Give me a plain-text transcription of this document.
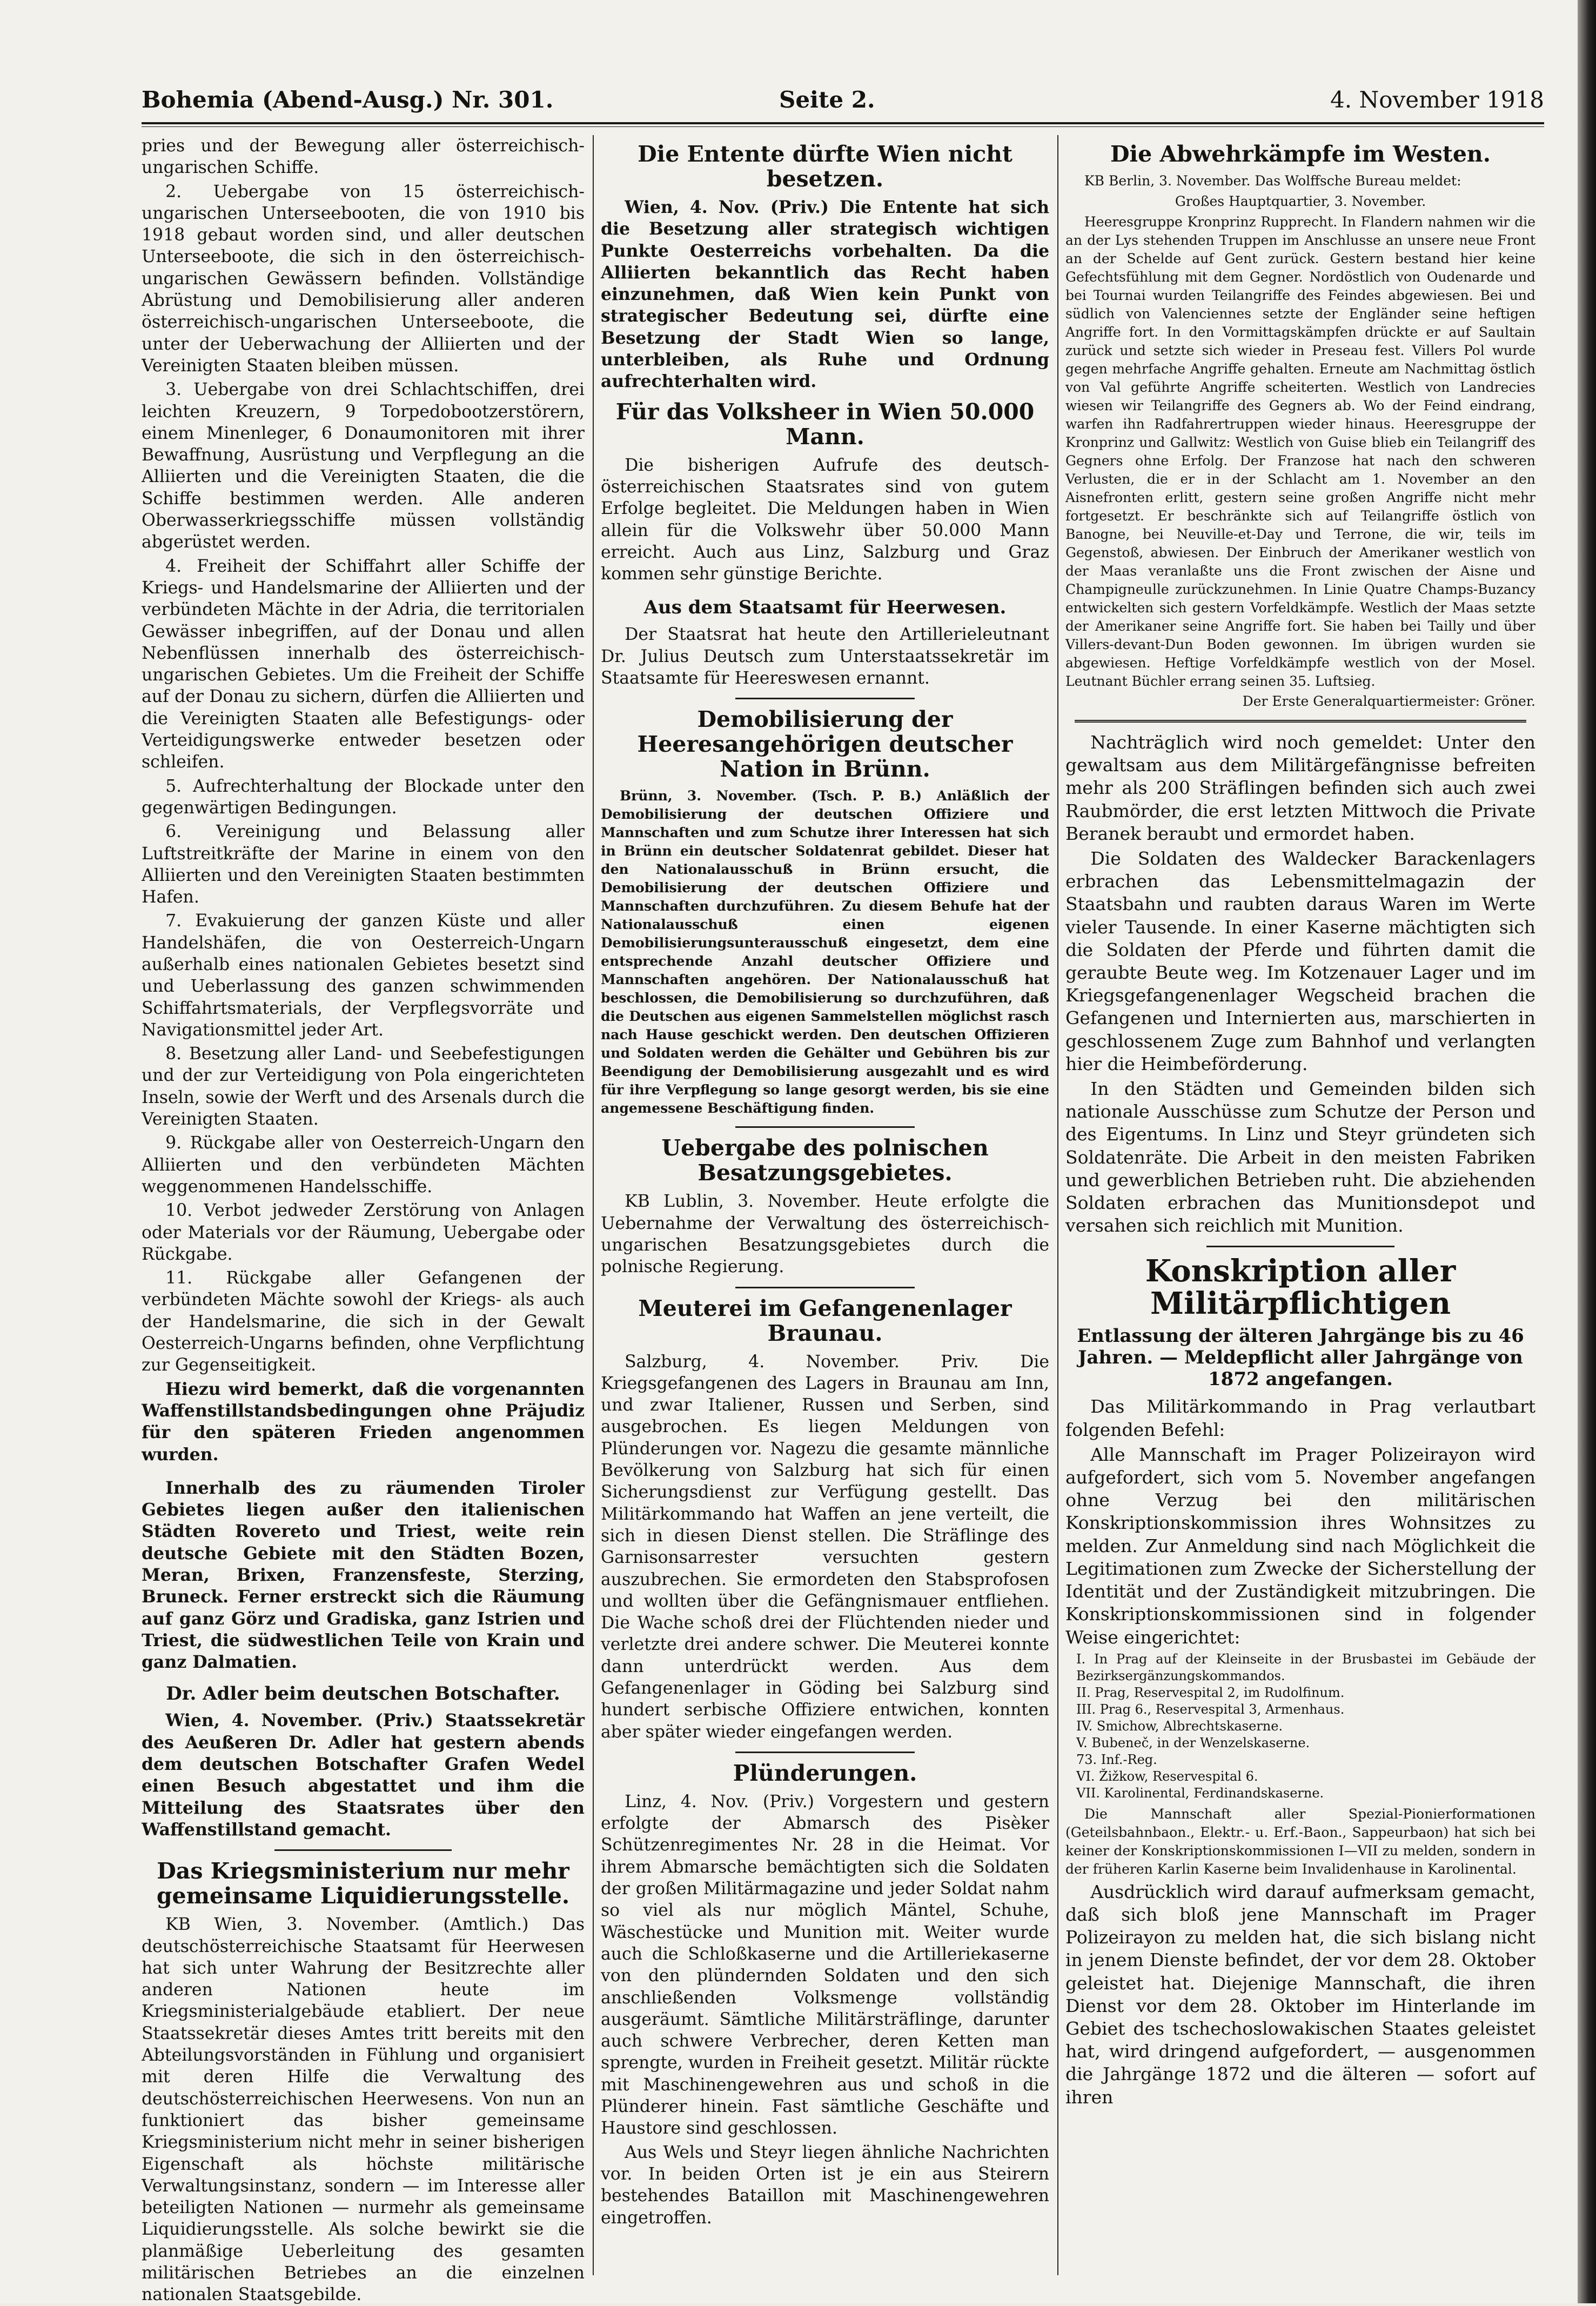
Bohemia (Abend-Ausg.) Nr. 301.	Seite 2.	4. November 1918

pries und der Bewegung aller österreichisch-ungarischen Schiffe.

2. Uebergabe von 15 österreichisch-ungarischen Unterseebooten, die von 1910 bis 1918 gebaut worden sind, und aller deutschen Unterseeboote, die sich in den österreichisch-ungarischen Gewässern befinden. Vollständige Abrüstung und Demobilisierung aller anderen österreichisch-ungarischen Unterseeboote, die unter der Ueberwachung der Alliierten und der Vereinigten Staaten bleiben müssen.

3. Uebergabe von drei Schlachtschiffen, drei leichten Kreuzern, 9 Torpedobootzerstörern, einem Minenleger, 6 Donaumonitoren mit ihrer Bewaffnung, Ausrüstung und Verpflegung an die Alliierten und die Vereinigten Staaten, die die Schiffe bestimmen werden. Alle anderen Oberwasserkriegsschiffe müssen vollständig abgerüstet werden.

4. Freiheit der Schiffahrt aller Schiffe der Kriegs- und Handelsmarine der Alliierten und der verbündeten Mächte in der Adria, die territorialen Gewässer inbegriffen, auf der Donau und allen Nebenflüssen innerhalb des österreichisch-ungarischen Gebietes. Um die Freiheit der Schiffe auf der Donau zu sichern, dürfen die Alliierten und die Vereinigten Staaten alle Befestigungs- oder Verteidigungswerke entweder besetzen oder schleifen.

5. Aufrechterhaltung der Blockade unter den gegenwärtigen Bedingungen.

6. Vereinigung und Belassung aller Luftstreitkräfte der Marine in einem von den Alliierten und den Vereinigten Staaten bestimmten Hafen.

7. Evakuierung der ganzen Küste und aller Handelshäfen, die von Oesterreich-Ungarn außerhalb eines nationalen Gebietes besetzt sind und Ueberlassung des ganzen schwimmenden Schiffahrtsmaterials, der Verpflegsvorräte und Navigationsmittel jeder Art.

8. Besetzung aller Land- und Seebefestigungen und der zur Verteidigung von Pola eingerichteten Inseln, sowie der Werft und des Arsenals durch die Vereinigten Staaten.

9. Rückgabe aller von Oesterreich-Ungarn den Alliierten und den verbündeten Mächten weggenommenen Handelsschiffe.

10. Verbot jedweder Zerstörung von Anlagen oder Materials vor der Räumung, Uebergabe oder Rückgabe.

11. Rückgabe aller Gefangenen der verbündeten Mächte sowohl der Kriegs- als auch der Handelsmarine, die sich in der Gewalt Oesterreich-Ungarns befinden, ohne Verpflichtung zur Gegenseitigkeit.

Hiezu wird bemerkt, daß die vorgenannten Waffenstillstandsbedingungen ohne Präjudiz für den späteren Frieden angenommen wurden.

Innerhalb des zu räumenden Tiroler Gebietes liegen außer den italienischen Städten Rovereto und Triest, weite rein deutsche Gebiete mit den Städten Bozen, Meran, Brixen, Franzensfeste, Sterzing, Bruneck. Ferner erstreckt sich die Räumung auf ganz Görz und Gradiska, ganz Istrien und Triest, die südwestlichen Teile von Krain und ganz Dalmatien.

Dr. Adler beim deutschen Botschafter.

Wien, 4. November. (Priv.) Staatssekretär des Aeußeren Dr. Adler hat gestern abends dem deutschen Botschafter Grafen Wedel einen Besuch abgestattet und ihm die Mitteilung des Staatsrates über den Waffenstillstand gemacht.

Das Kriegsministerium nur mehr gemeinsame Liquidierungsstelle.

KB Wien, 3. November. (Amtlich.) Das deutschösterreichische Staatsamt für Heerwesen hat sich unter Wahrung der Besitzrechte aller anderen Nationen heute im Kriegsministerialgebäude etabliert. Der neue Staatssekretär dieses Amtes tritt bereits mit den Abteilungsvorständen in Fühlung und organisiert mit deren Hilfe die Verwaltung des deutschösterreichischen Heerwesens. Von nun an funktioniert das bisher gemeinsame Kriegsministerium nicht mehr in seiner bisherigen Eigenschaft als höchste militärische Verwaltungsinstanz, sondern — im Interesse aller beteiligten Nationen — nurmehr als gemeinsame Liquidierungsstelle. Als solche bewirkt sie die planmäßige Ueberleitung des gesamten militärischen Betriebes an die einzelnen nationalen Staatsgebilde.

Die Entente dürfte Wien nicht besetzen.

Wien, 4. Nov. (Priv.) Die Entente hat sich die Besetzung aller strategisch wichtigen Punkte Oesterreichs vorbehalten. Da die Alliierten bekanntlich das Recht haben einzunehmen, daß Wien kein Punkt von strategischer Bedeutung sei, dürfte eine Besetzung der Stadt Wien so lange, unterbleiben, als Ruhe und Ordnung aufrechterhalten wird.

Für das Volksheer in Wien 50.000 Mann.

Die bisherigen Aufrufe des deutsch-österreichischen Staatsrates sind von gutem Erfolge begleitet. Die Meldungen haben in Wien allein für die Volkswehr über 50.000 Mann erreicht. Auch aus Linz, Salzburg und Graz kommen sehr günstige Berichte.

Aus dem Staatsamt für Heerwesen.

Der Staatsrat hat heute den Artillerieleutnant Dr. Julius Deutsch zum Unterstaatssekretär im Staatsamte für Heereswesen ernannt.

Demobilisierung der Heeresangehörigen deutscher Nation in Brünn.

Brünn, 3. November. (Tsch. P. B.) Anläßlich der Demobilisierung der deutschen Offiziere und Mannschaften und zum Schutze ihrer Interessen hat sich in Brünn ein deutscher Soldatenrat gebildet. Dieser hat den Nationalausschuß in Brünn ersucht, die Demobilisierung der deutschen Offiziere und Mannschaften durchzuführen. Zu diesem Behufe hat der Nationalausschuß einen eigenen Demobilisierungsunterausschuß eingesetzt, dem eine entsprechende Anzahl deutscher Offiziere und Mannschaften angehören. Der Nationalausschuß hat beschlossen, die Demobilisierung so durchzuführen, daß die Deutschen aus eigenen Sammelstellen möglichst rasch nach Hause geschickt werden. Den deutschen Offizieren und Soldaten werden die Gehälter und Gebühren bis zur Beendigung der Demobilisierung ausgezahlt und es wird für ihre Verpflegung so lange gesorgt werden, bis sie eine angemessene Beschäftigung finden.

Uebergabe des polnischen Besatzungsgebietes.

KB Lublin, 3. November. Heute erfolgte die Uebernahme der Verwaltung des österreichisch-ungarischen Besatzungsgebietes durch die polnische Regierung.

Meuterei im Gefangenenlager Braunau.

Salzburg, 4. November. Priv. Die Kriegsgefangenen des Lagers in Braunau am Inn, und zwar Italiener, Russen und Serben, sind ausgebrochen. Es liegen Meldungen von Plünderungen vor. Nagezu die gesamte männliche Bevölkerung von Salzburg hat sich für einen Sicherungsdienst zur Verfügung gestellt. Das Militärkommando hat Waffen an jene verteilt, die sich in diesen Dienst stellen. Die Sträflinge des Garnisonsarrester versuchten gestern auszubrechen. Sie ermordeten den Stabsprofosen und wollten über die Gefängnismauer entfliehen. Die Wache schoß drei der Flüchtenden nieder und verletzte drei andere schwer. Die Meuterei konnte dann unterdrückt werden. Aus dem Gefangenenlager in Göding bei Salzburg sind hundert serbische Offiziere entwichen, konnten aber später wieder eingefangen werden.

Plünderungen.

Linz, 4. Nov. (Priv.) Vorgestern und gestern erfolgte der Abmarsch des Pisèker Schützenregimentes Nr. 28 in die Heimat. Vor ihrem Abmarsche bemächtigten sich die Soldaten der großen Militärmagazine und jeder Soldat nahm so viel als nur möglich Mäntel, Schuhe, Wäschestücke und Munition mit. Weiter wurde auch die Schloßkaserne und die Artilleriekaserne von den plündernden Soldaten und den sich anschließenden Volksmenge vollständig ausgeräumt. Sämtliche Militärsträflinge, darunter auch schwere Verbrecher, deren Ketten man sprengte, wurden in Freiheit gesetzt. Militär rückte mit Maschinengewehren aus und schoß in die Plünderer hinein. Fast sämtliche Geschäfte und Haustore sind geschlossen.

Aus Wels und Steyr liegen ähnliche Nachrichten vor. In beiden Orten ist je ein aus Steirern bestehendes Bataillon mit Maschinengewehren eingetroffen.

Die Abwehrkämpfe im Westen.

KB Berlin, 3. November. Das Wolffsche Bureau meldet:

Großes Hauptquartier, 3. November.

Heeresgruppe Kronprinz Rupprecht. In Flandern nahmen wir die an der Lys stehenden Truppen im Anschlusse an unsere neue Front an der Schelde auf Gent zurück. Gestern bestand hier keine Gefechtsfühlung mit dem Gegner. Nordöstlich von Oudenarde und bei Tournai wurden Teilangriffe des Feindes abgewiesen. Bei und südlich von Valenciennes setzte der Engländer seine heftigen Angriffe fort. In den Vormittagskämpfen drückte er auf Saultain zurück und setzte sich wieder in Preseau fest. Villers Pol wurde gegen mehrfache Angriffe gehalten. Erneute am Nachmittag östlich von Val geführte Angriffe scheiterten. Westlich von Landrecies wiesen wir Teilangriffe des Gegners ab. Wo der Feind eindrang, warfen ihn Radfahrertruppen wieder hinaus. Heeresgruppe der Kronprinz und Gallwitz: Westlich von Guise blieb ein Teilangriff des Gegners ohne Erfolg. Der Franzose hat nach den schweren Verlusten, die er in der Schlacht am 1. November an den Aisnefronten erlitt, gestern seine großen Angriffe nicht mehr fortgesetzt. Er beschränkte sich auf Teilangriffe östlich von Banogne, bei Neuville-et-Day und Terrone, die wir, teils im Gegenstoß, abwiesen. Der Einbruch der Amerikaner westlich von der Maas veranlaßte uns die Front zwischen der Aisne und Champigneulle zurückzunehmen. In Linie Quatre Champs-Buzancy entwickelten sich gestern Vorfeldkämpfe. Westlich der Maas setzte der Amerikaner seine Angriffe fort. Sie haben bei Tailly und über Villers-devant-Dun Boden gewonnen. Im übrigen wurden sie abgewiesen. Heftige Vorfeldkämpfe westlich von der Mosel. Leutnant Büchler errang seinen 35. Luftsieg.

Der Erste Generalquartiermeister: Gröner.

Nachträglich wird noch gemeldet: Unter den gewaltsam aus dem Militärgefängnisse befreiten mehr als 200 Sträflingen befinden sich auch zwei Raubmörder, die erst letzten Mittwoch die Private Beranek beraubt und ermordet haben.

Die Soldaten des Waldecker Barackenlagers erbrachen das Lebensmittelmagazin der Staatsbahn und raubten daraus Waren im Werte vieler Tausende. In einer Kaserne mächtigten sich die Soldaten der Pferde und führten damit die geraubte Beute weg. Im Kotzenauer Lager und im Kriegsgefangenenlager Wegscheid brachen die Gefangenen und Internierten aus, marschierten in geschlossenem Zuge zum Bahnhof und verlangten hier die Heimbeförderung.

In den Städten und Gemeinden bilden sich nationale Ausschüsse zum Schutze der Person und des Eigentums. In Linz und Steyr gründeten sich Soldatenräte. Die Arbeit in den meisten Fabriken und gewerblichen Betrieben ruht. Die abziehenden Soldaten erbrachen das Munitionsdepot und versahen sich reichlich mit Munition.

Konskription aller Militärpflichtigen
Entlassung der älteren Jahrgänge bis zu 46 Jahren. — Meldepflicht aller Jahrgänge von 1872 angefangen.

Das Militärkommando in Prag verlautbart folgenden Befehl:

Alle Mannschaft im Prager Polizeirayon wird aufgefordert, sich vom 5. November angefangen ohne Verzug bei den militärischen Konskriptionskommission ihres Wohnsitzes zu melden. Zur Anmeldung sind nach Möglichkeit die Legitimationen zum Zwecke der Sicherstellung der Identität und der Zuständigkeit mitzubringen. Die Konskriptionskommissionen sind in folgender Weise eingerichtet:

I. In Prag auf der Kleinseite in der Brusbastei im Gebäude der Bezirksergänzungskommandos.
II. Prag, Reservespital 2, im Rudolfinum.
III. Prag 6., Reservespital 3, Armenhaus.
IV. Smichow, Albrechtskaserne.
V. Bubeneč, in der Wenzelskaserne.
73. Inf.-Reg.
VI. Žižkow, Reservespital 6.
VII. Karolinental, Ferdinandskaserne.

Die Mannschaft aller Spezial-Pionierformationen (Geteilsbahnbaon., Elektr.- u. Erf.-Baon., Sappeurbaon) hat sich bei keiner der Konskriptionskommissionen I—VII zu melden, sondern in der früheren Karlin Kaserne beim Invalidenhause in Karolinental.

Ausdrücklich wird darauf aufmerksam gemacht, daß sich bloß jene Mannschaft im Prager Polizeirayon zu melden hat, die sich bislang nicht in jenem Dienste befindet, der vor dem 28. Oktober geleistet hat. Diejenige Mannschaft, die ihren Dienst vor dem 28. Oktober im Hinterlande im Gebiet des tschechoslowakischen Staates geleistet hat, wird dringend aufgefordert, — ausgenommen die Jahrgänge 1872 und die älteren — sofort auf ihren
